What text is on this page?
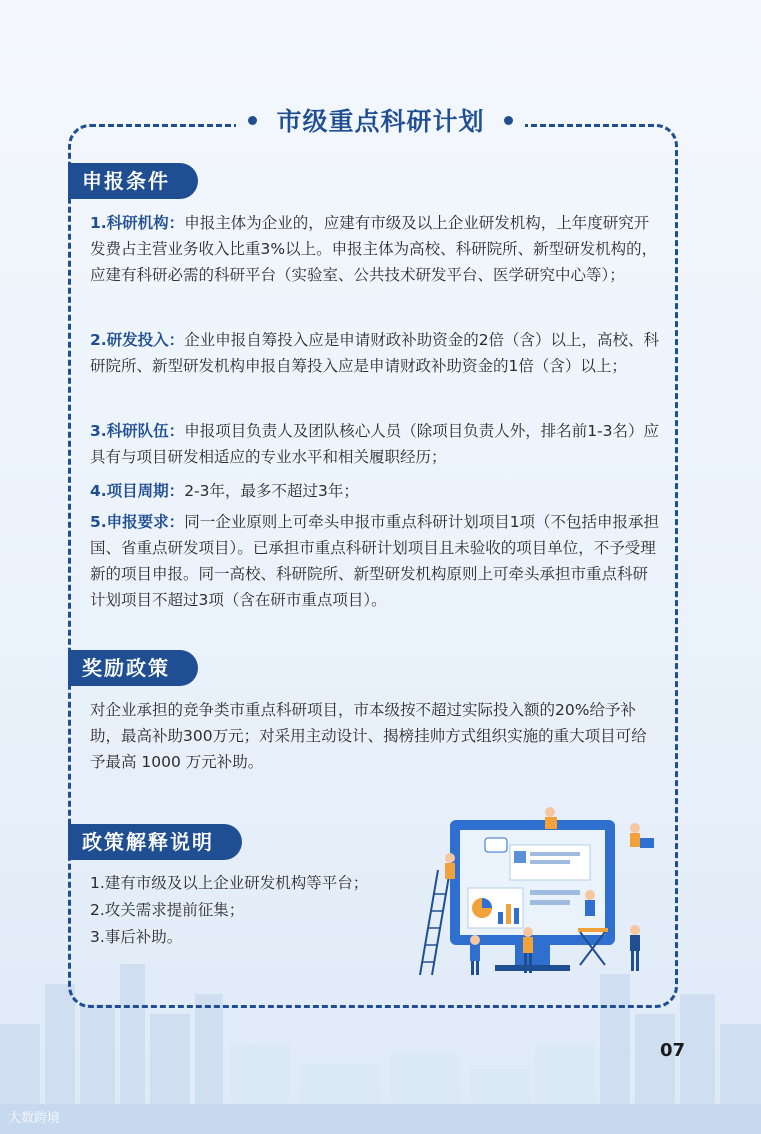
市级重点科研计划
申报条件

1.科研机构：申报主体为企业的，应建有市级及以上企业研发机构，上年度研究开发费占主营业务收入比重3%以上。申报主体为高校、科研院所、新型研发机构的，应建有科研必需的科研平台（实验室、公共技术研发平台、医学研究中心等）；

2.研发投入：企业申报自筹投入应是申请财政补助资金的2倍（含）以上，高校、科研院所、新型研发机构申报自筹投入应是申请财政补助资金的1倍（含）以上；

3.科研队伍：申报项目负责人及团队核心人员（除项目负责人外，排名前1-3名）应具有与项目研发相适应的专业水平和相关履职经历；

4.项目周期：2-3年，最多不超过3年；

5.申报要求：同一企业原则上可牵头申报市重点科研计划项目1项（不包括申报承担国、省重点研发项目）。已承担市重点科研计划项目且未验收的项目单位，不予受理新的项目申报。同一高校、科研院所、新型研发机构原则上可牵头承担市重点科研计划项目不超过3项（含在研市重点项目）。

奖励政策

对企业承担的竞争类市重点科研项目，市本级按不超过实际投入额的20%给予补助，最高补助300万元；对采用主动设计、揭榜挂帅方式组织实施的重大项目可给予最高 1000 万元补助。

政策解释说明

1.建有市级及以上企业研发机构等平台；
2.攻关需求提前征集；
3.事后补助。

07
大数跨境
